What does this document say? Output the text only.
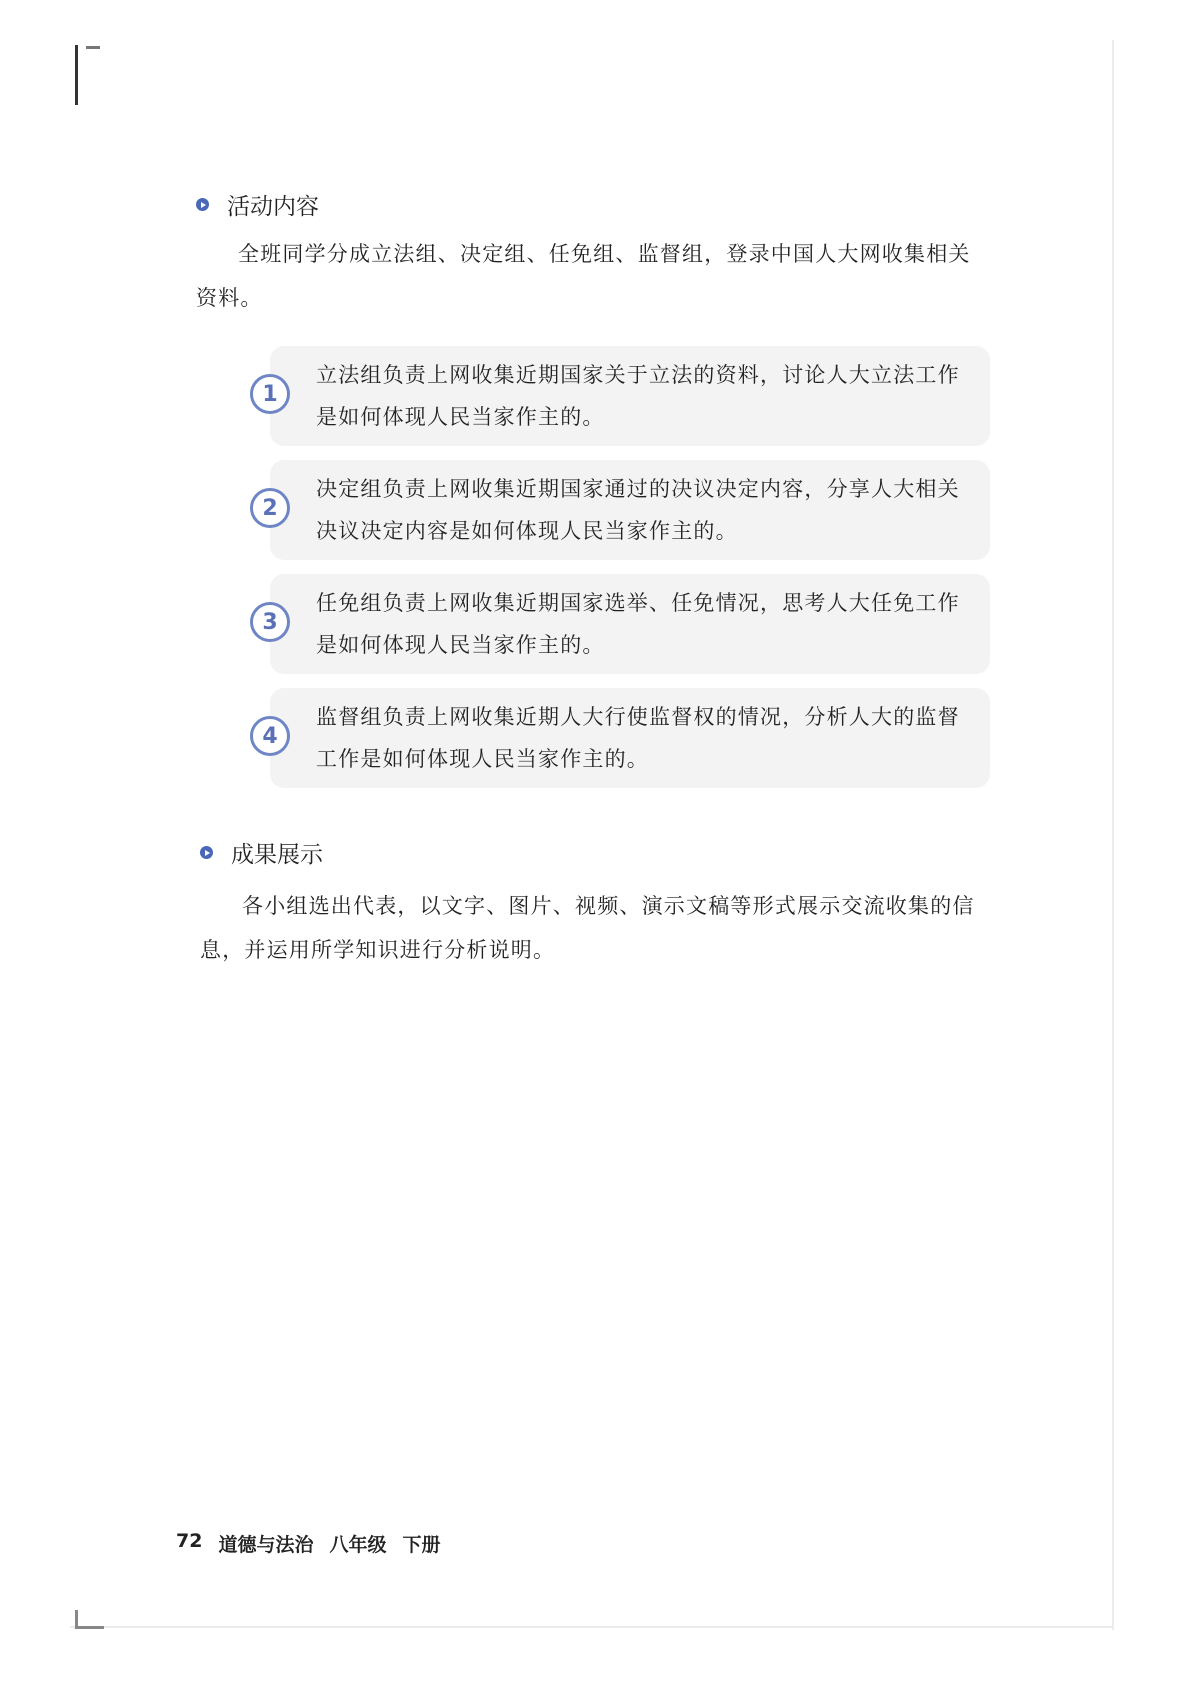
活动内容

全班同学分成立法组、决定组、任免组、监督组，登录中国人大网收集相关资料。

1

立法组负责上网收集近期国家关于立法的资料，讨论人大立法工作是如何体现人民当家作主的。

2

决定组负责上网收集近期国家通过的决议决定内容，分享人大相关决议决定内容是如何体现人民当家作主的。

3

任免组负责上网收集近期国家选举、任免情况，思考人大任免工作是如何体现人民当家作主的。

4

监督组负责上网收集近期人大行使监督权的情况，分析人大的监督工作是如何体现人民当家作主的。

成果展示

各小组选出代表，以文字、图片、视频、演示文稿等形式展示交流收集的信息，并运用所学知识进行分析说明。

72 道德与法治 八年级 下册
